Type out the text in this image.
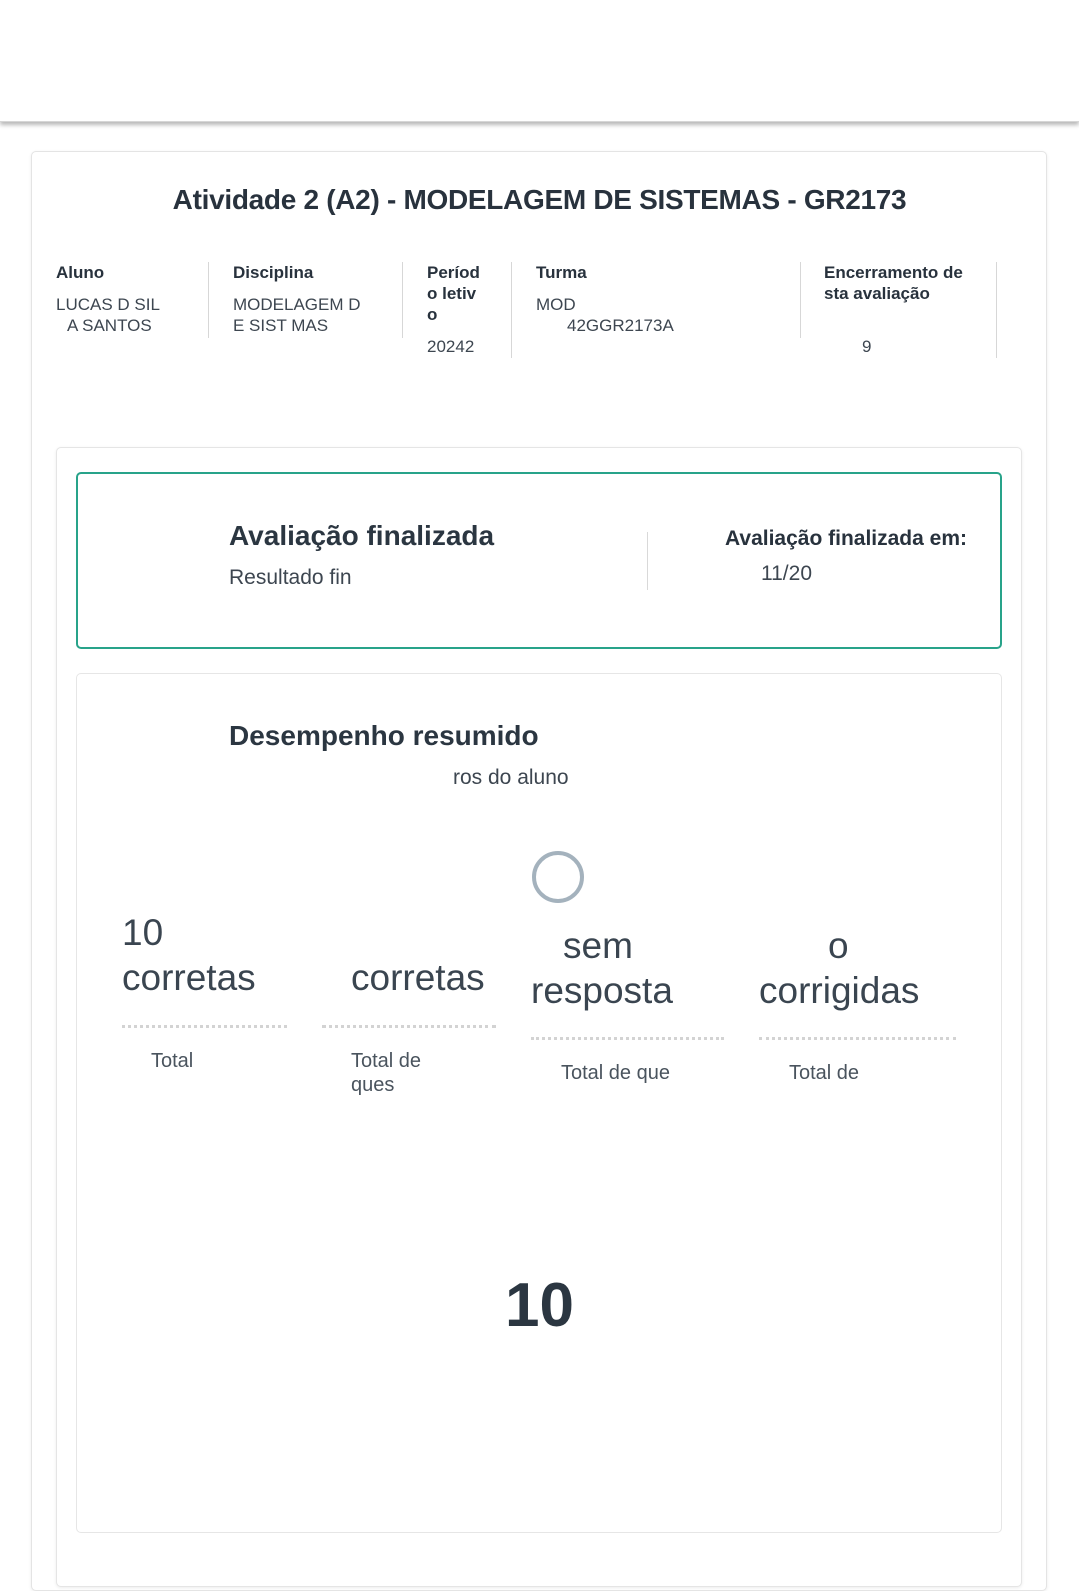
Atividade 2 (A2) - MODELAGEM DE SISTEMAS - GR2173
Aluno
LUCAS D SIL
A SANTOS
Disciplina
MODELAGEM D
E SIST MAS
Períod
o letiv
o
20242
Turma
MOD
42GGR2173A
Encerramento de
sta avaliação
9
Avaliação finalizada
Resultado fin
Avaliação finalizada em:
11/20
Desempenho resumido
ros do aluno
10
corretas
Total
corretas
Total de
ques
sem
resposta
Total de que
o
corrigidas
Total de
10
